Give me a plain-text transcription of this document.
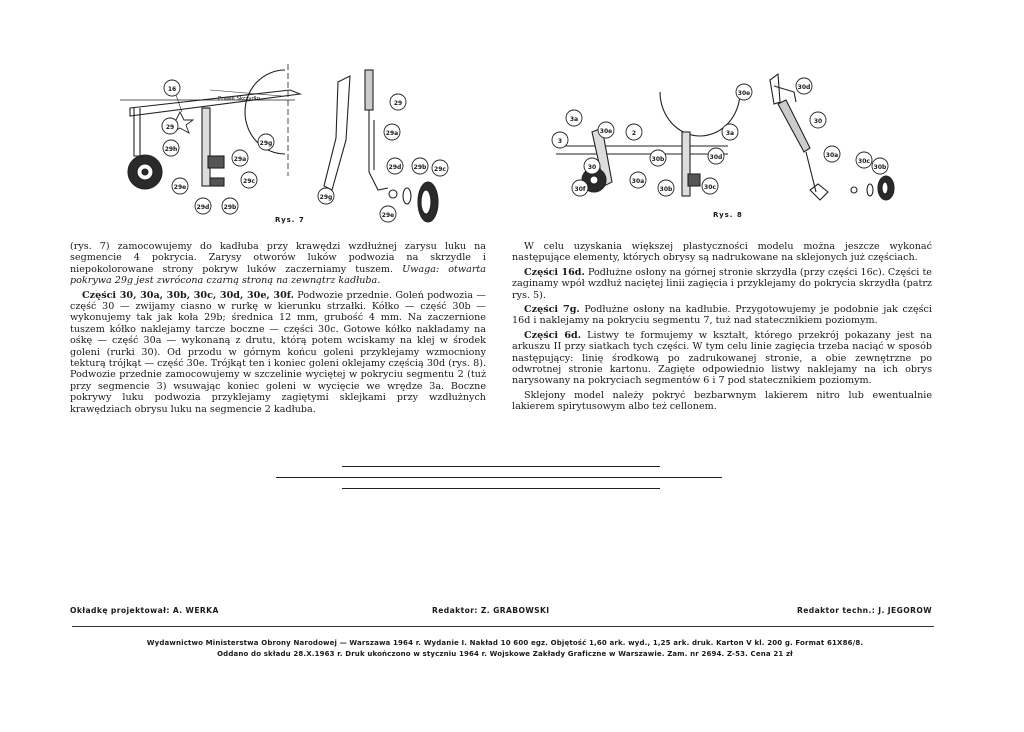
16
29
29h
29a
29g
29c
29e
29d 29b
29
29a
29d 29b 29c
29g
29e
Prawe Skrzydło
Rys. 7
3a
3
30e	2
30
30a
30f
30d
30c
30b
30b
3a
30e
30d
30
30a
30c
30b
Rys. 8

(rys. 7) zamocowujemy do kadłuba przy krawędzi wzdłużnej zarysu luku na segmencie 4 pokrycia. Zarysy otworów luków podwozia na skrzydle i niepokolorowane strony pokryw luków zaczerniamy tuszem. Uwaga: otwarta pokrywa 29g jest zwrócona czarną stroną na zewnątrz kadłuba.

Części 30, 30a, 30b, 30c, 30d, 30e, 30f. Podwozie przednie. Goleń podwozia — część 30 — zwijamy ciasno w rurkę w kierunku strzałki. Kółko — część 30b — wykonujemy tak jak koła 29b; średnica 12 mm, grubość 4 mm. Na zaczernione tuszem kółko naklejamy tarcze boczne — części 30c. Gotowe kółko nakładamy na ośkę — część 30a — wykonaną z drutu, którą potem wciskamy na klej w środek goleni (rurki 30). Od przodu w górnym końcu goleni przyklejamy wzmocniony tekturą trójkąt — część 30e. Trójkąt ten i koniec goleni oklejamy częścią 30d (rys. 8). Podwozie przednie zamocowujemy w szczelinie wyciętej w pokryciu segmentu 2 (tuż przy segmencie 3) wsuwając koniec goleni w wycięcie we wrędze 3a. Boczne pokrywy luku podwozia przyklejamy zagiętymi sklejkami przy wzdłużnych krawędziach obrysu luku na segmencie 2 kadłuba.

W celu uzyskania większej plastyczności modelu można jeszcze wykonać następujące elementy, których obrysy są nadrukowane na sklejonych już częściach.

Części 16d. Podłużne osłony na górnej stronie skrzydła (przy części 16c). Części te zaginamy wpół wzdłuż naciętej linii zagięcia i przyklejamy do pokrycia skrzydła (patrz rys. 5).

Części 7g. Podłużne osłony na kadłubie. Przygotowujemy je podobnie jak części 16d i naklejamy na pokryciu segmentu 7, tuż nad statecznikiem poziomym.

Części 6d. Listwy te formujemy w kształt, którego przekrój pokazany jest na arkuszu II przy siatkach tych części. W tym celu linie zagięcia trzeba naciąć w sposób następujący: linię środkową po zadrukowanej stronie, a obie zewnętrzne po odwrotnej stronie kartonu. Zagięte odpowiednio listwy naklejamy na ich obrys narysowany na pokryciach segmentów 6 i 7 pod statecznikiem poziomym.

Sklejony model należy pokryć bezbarwnym lakierem nitro lub ewentualnie lakierem spirytusowym albo też cellonem.

Okładkę projektował: A. WERKA	Redaktor: Z. GRABOWSKI	Redaktor techn.: J. JEGOROW
Wydawnictwo Ministerstwa Obrony Narodowej — Warszawa 1964 r. Wydanie I. Nakład 10 600 egz. Objętość 1,60 ark. wyd., 1,25 ark. druk. Karton V kl. 200 g. Format 61X86/8.
Oddano do składu 28.X.1963 r. Druk ukończono w styczniu 1964 r. Wojskowe Zakłady Graficzne w Warszawie. Zam. nr 2694. Z-53. Cena 21 zł
